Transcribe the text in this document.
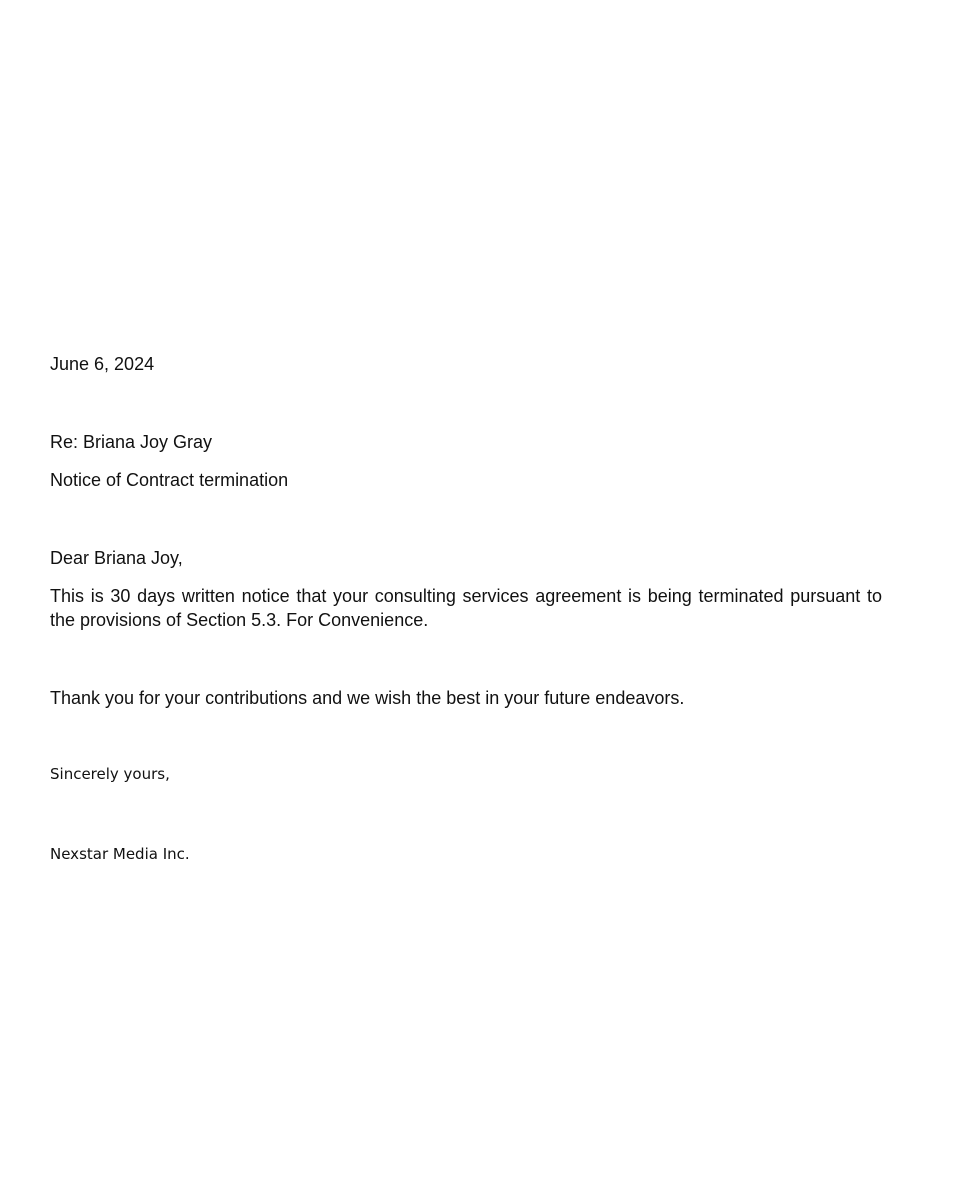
June 6, 2024
Re: Briana Joy Gray
Notice of Contract termination
Dear Briana Joy,
This is 30 days written notice that your consulting services agreement is being terminated pursuant to the provisions of Section 5.3. For Convenience.
Thank you for your contributions and we wish the best in your future endeavors.
Sincerely yours,
Nexstar Media Inc.
